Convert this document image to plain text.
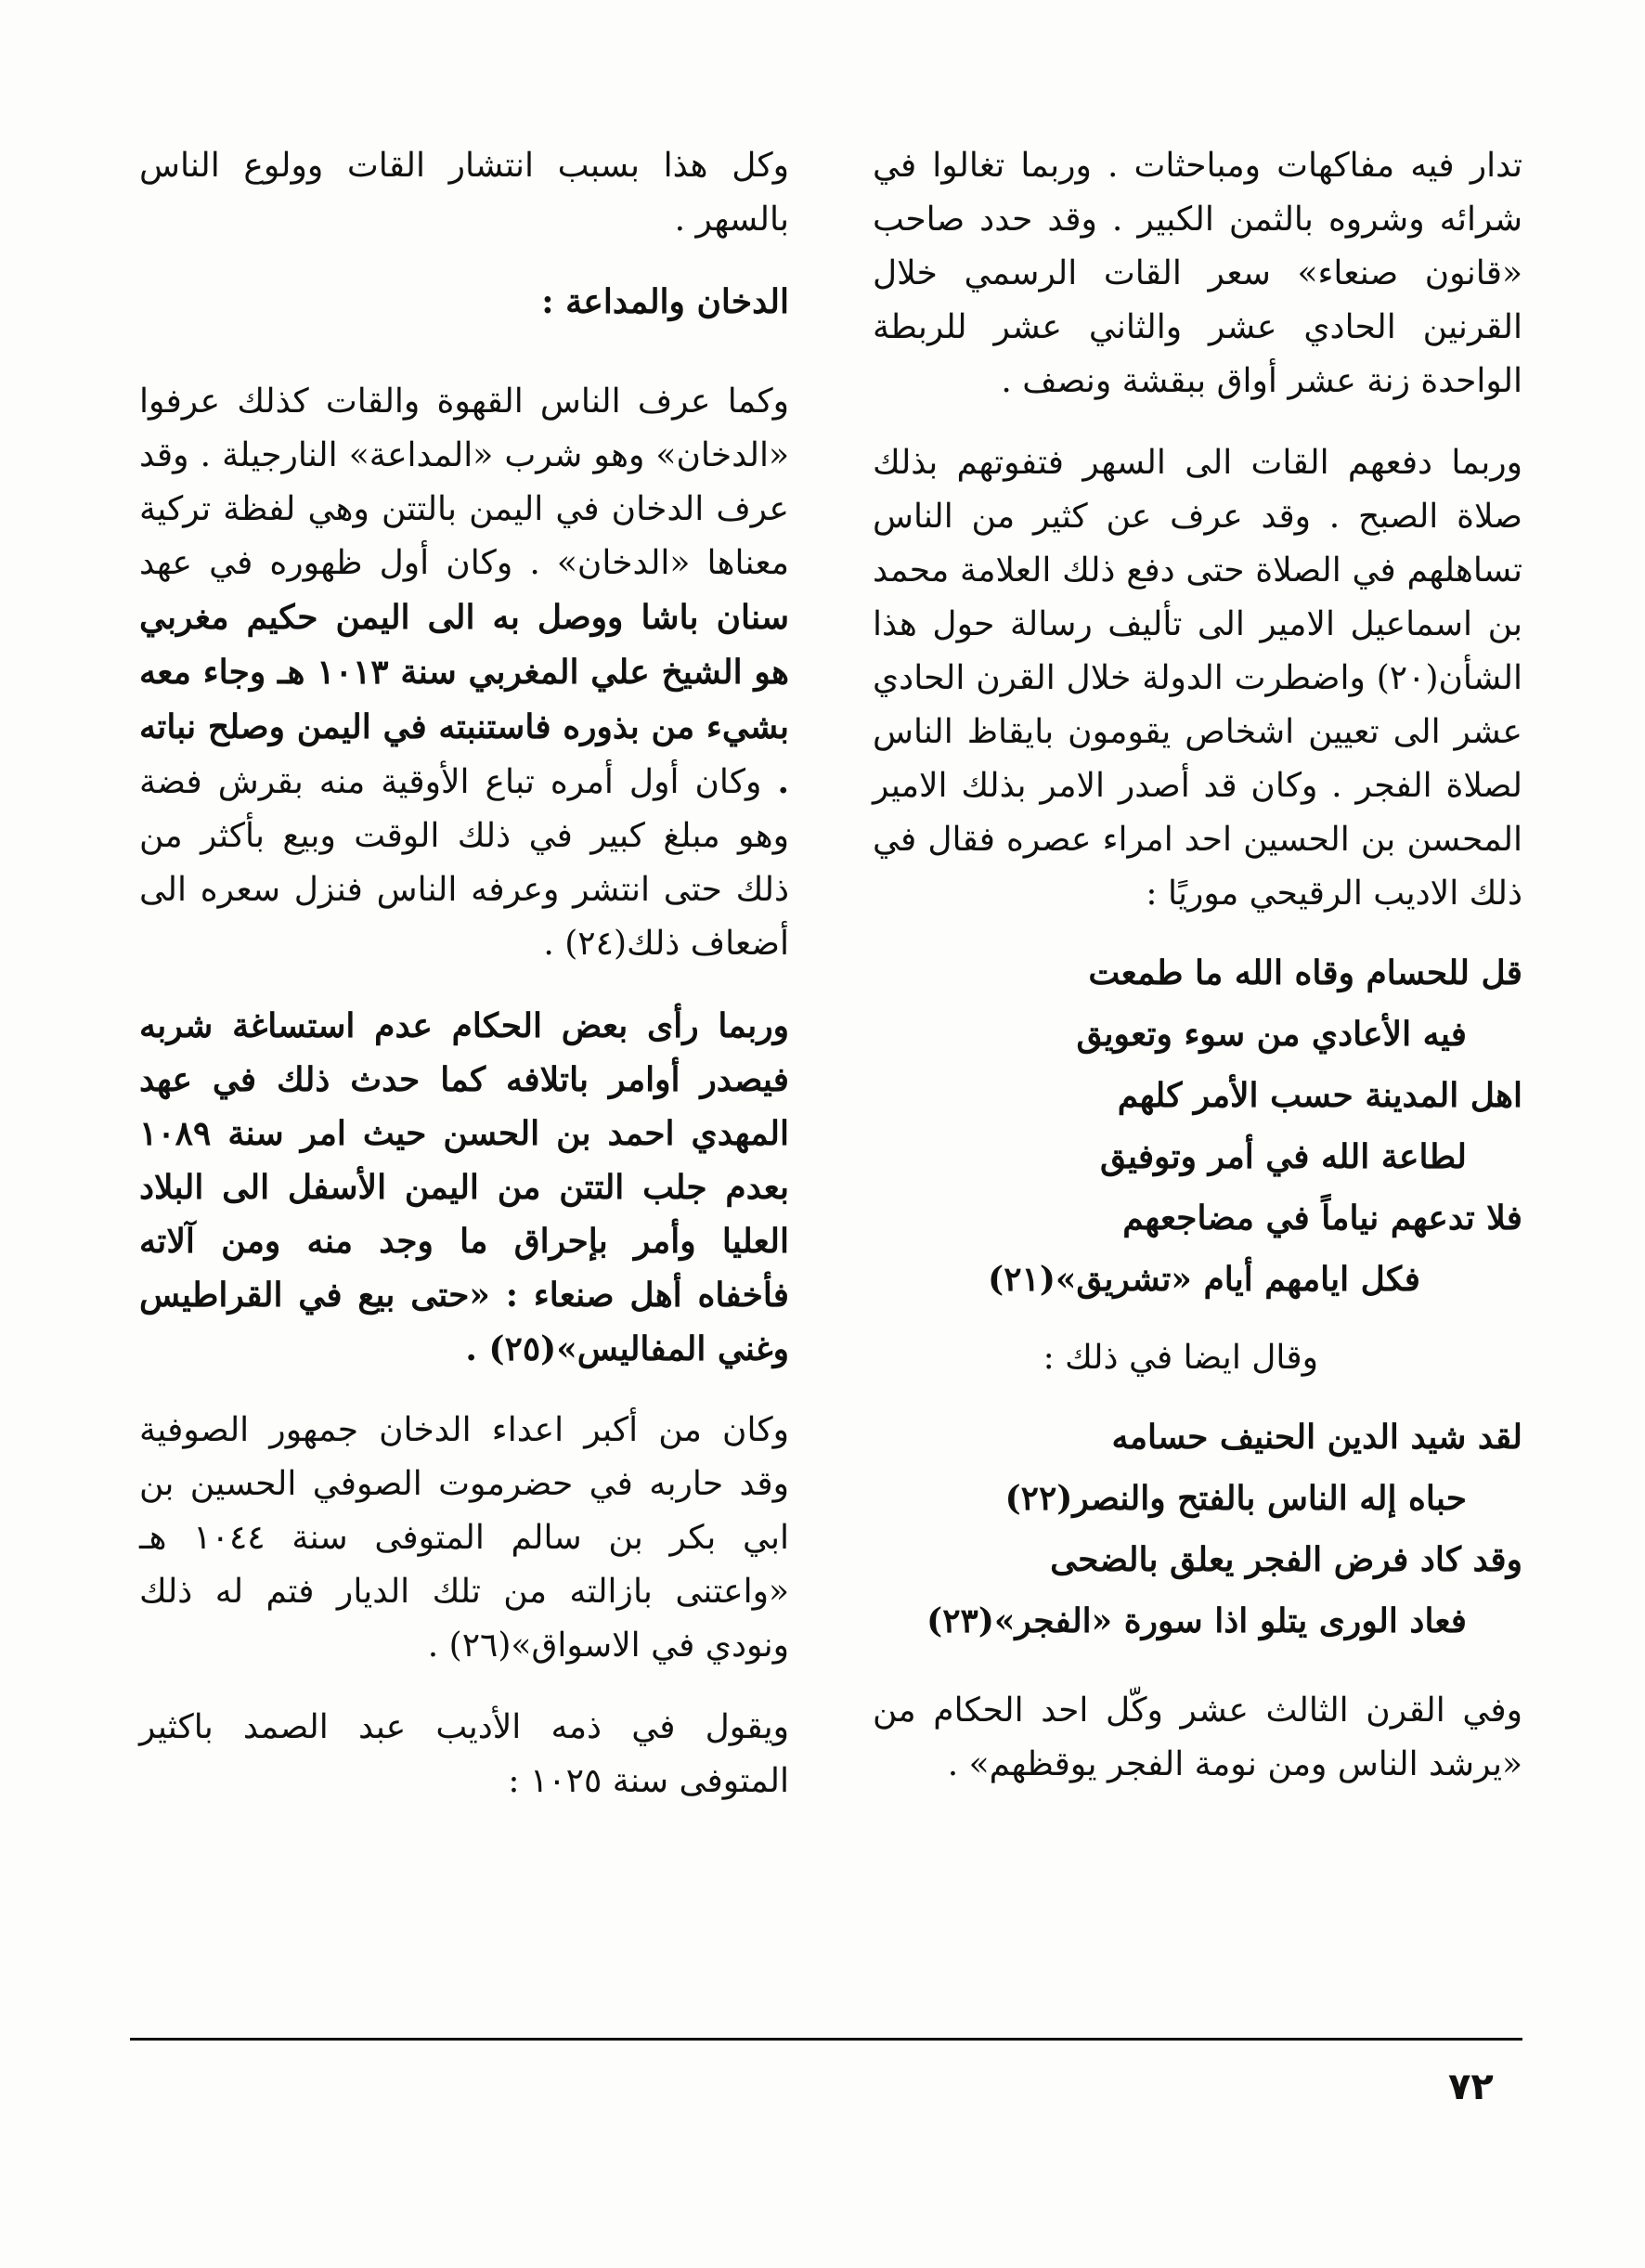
تدار فيه مفاكهات ومباحثات . وربما تغالوا في شرائه وشروه بالثمن الكبير . وقد حدد صاحب «قانون صنعاء» سعر القات الرسمي خلال القرنين الحادي عشر والثاني عشر للربطة الواحدة زنة عشر أواق ببقشة ونصف .

وربما دفعهم القات الى السهر فتفوتهم بذلك صلاة الصبح . وقد عرف عن كثير من الناس تساهلهم في الصلاة حتى دفع ذلك العلامة محمد بن اسماعيل الامير الى تأليف رسالة حول هذا الشأن(٢٠) واضطرت الدولة خلال القرن الحادي عشر الى تعيين اشخاص يقومون بايقاظ الناس لصلاة الفجر . وكان قد أصدر الامر بذلك الامير المحسن بن الحسين احد امراء عصره فقال في ذلك الاديب الرقيحي موريًا :

قل للحسام وقاه الله ما طمعت
فيه الأعادي من سوء وتعويق
اهل المدينة حسب الأمر كلهم
لطاعة الله في أمر وتوفيق
فلا تدعهم نياماً في مضاجعهم
فكل ايامهم أيام «تشريق»(٢١)

وقال ايضا في ذلك :

لقد شيد الدين الحنيف حسامه
حباه إله الناس بالفتح والنصر(٢٢)
وقد كاد فرض الفجر يعلق بالضحى
فعاد الورى يتلو اذا سورة «الفجر»(٢٣)

وفي القرن الثالث عشر وكّل احد الحكام من «يرشد الناس ومن نومة الفجر يوقظهم» .

وكل هذا بسبب انتشار القات وولوع الناس بالسهر .

الدخان والمداعة :

وكما عرف الناس القهوة والقات كذلك عرفوا «الدخان» وهو شرب «المداعة» النارجيلة . وقد عرف الدخان في اليمن بالتتن وهي لفظة تركية معناها «الدخان» . وكان أول ظهوره في عهد سنان باشا ووصل به الى اليمن حكيم مغربي هو الشيخ علي المغربي سنة ١٠١٣ هـ وجاء معه بشيء من بذوره فاستنبته في اليمن وصلح نباته . وكان أول أمره تباع الأوقية منه بقرش فضة وهو مبلغ كبير في ذلك الوقت وبيع بأكثر من ذلك حتى انتشر وعرفه الناس فنزل سعره الى أضعاف ذلك(٢٤) .

وربما رأى بعض الحكام عدم استساغة شربه فيصدر أوامر باتلافه كما حدث ذلك في عهد المهدي احمد بن الحسن حيث امر سنة ١٠٨٩ بعدم جلب التتن من اليمن الأسفل الى البلاد العليا وأمر بإحراق ما وجد منه ومن آلاته فأخفاه أهل صنعاء : «حتى بيع في القراطيس وغني المفاليس»(٢٥) .

وكان من أكبر اعداء الدخان جمهور الصوفية وقد حاربه في حضرموت الصوفي الحسين بن ابي بكر بن سالم المتوفى سنة ١٠٤٤ هـ «واعتنى بازالته من تلك الديار فتم له ذلك ونودي في الاسواق»(٢٦) .

ويقول في ذمه الأديب عبد الصمد باكثير المتوفى سنة ١٠٢٥ :

٧٢
